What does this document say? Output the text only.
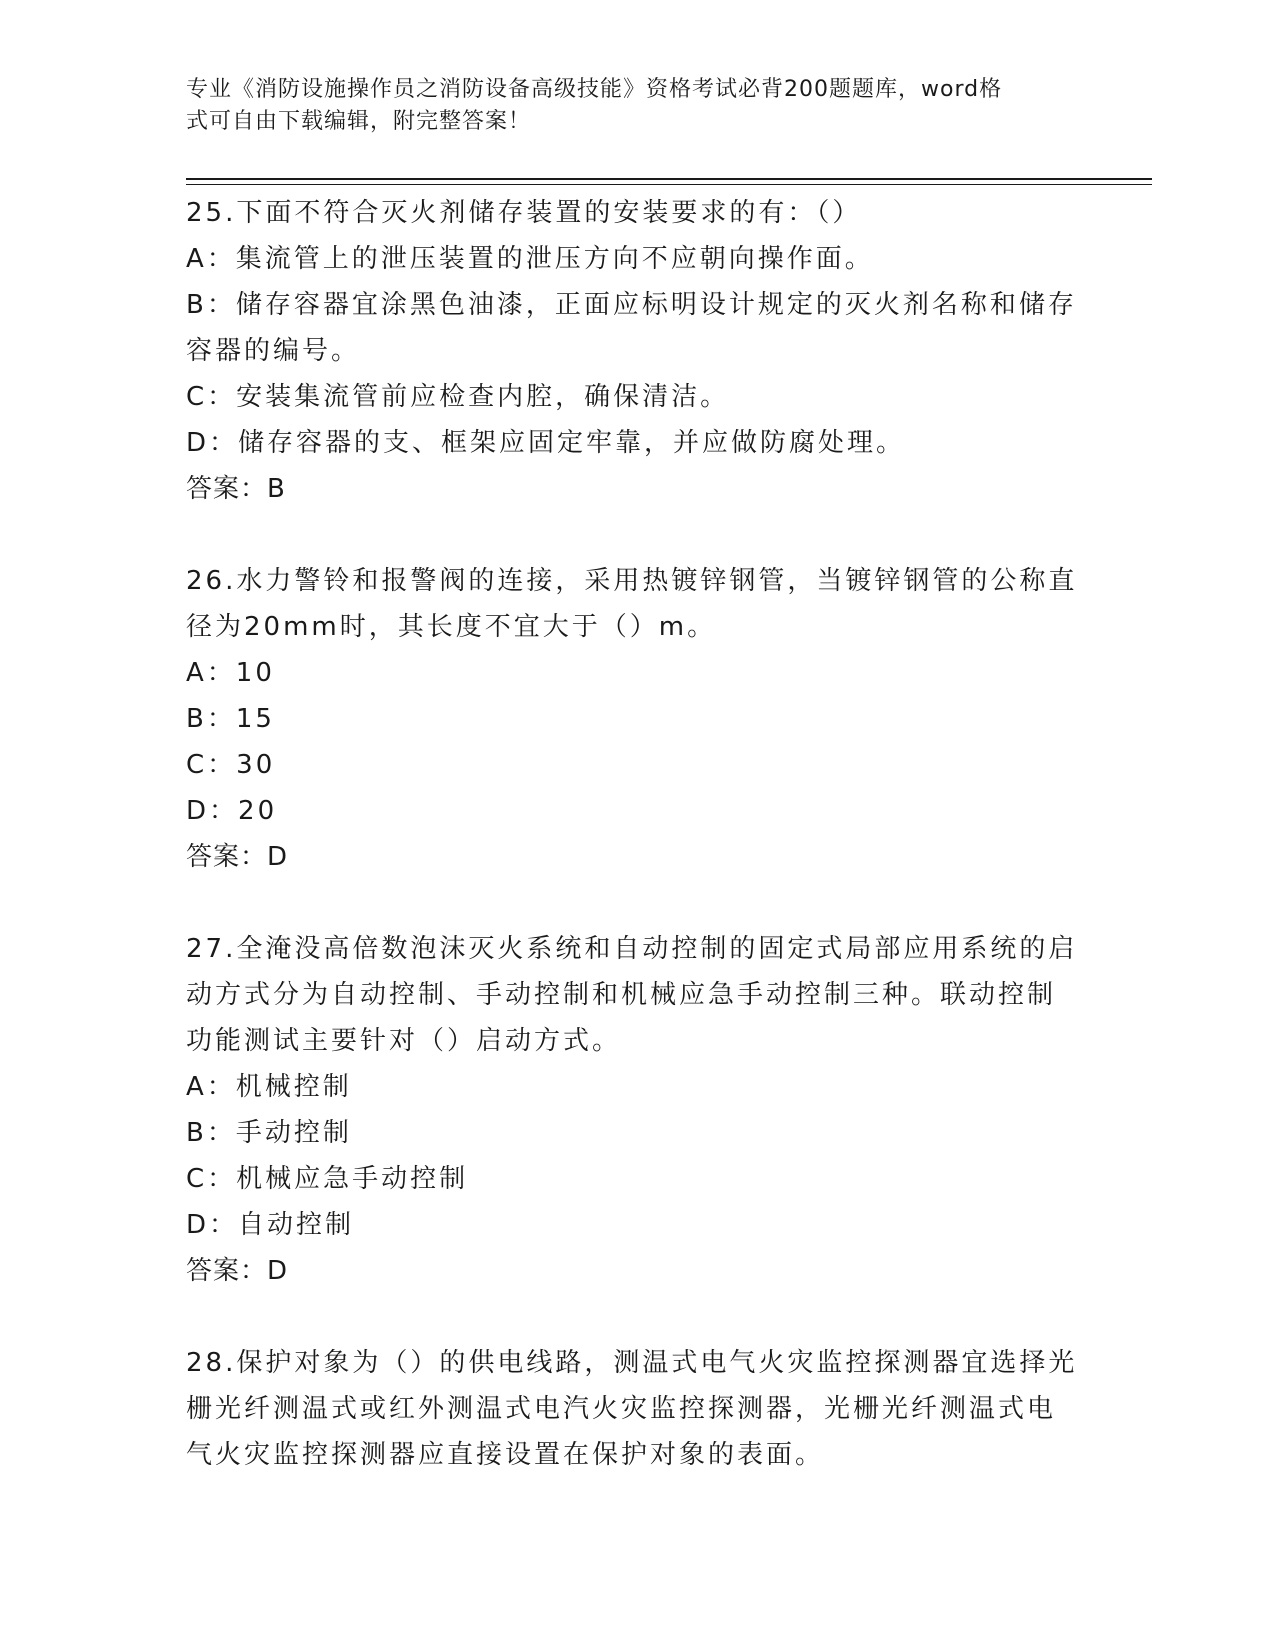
专业《消防设施操作员之消防设备高级技能》资格考试必背200题题库，word格
式可自由下载编辑，附完整答案！
25.下面不符合灭火剂储存装置的安装要求的有：（）
A：集流管上的泄压装置的泄压方向不应朝向操作面。
B：储存容器宜涂黑色油漆，正面应标明设计规定的灭火剂名称和储存
容器的编号。
C：安装集流管前应检查内腔，确保清洁。
D：储存容器的支、框架应固定牢靠，并应做防腐处理。
答案：B
26.水力警铃和报警阀的连接，采用热镀锌钢管，当镀锌钢管的公称直
径为20mm时，其长度不宜大于（）m。
A：10
B：15
C：30
D：20
答案：D
27.全淹没高倍数泡沫灭火系统和自动控制的固定式局部应用系统的启
动方式分为自动控制、手动控制和机械应急手动控制三种。联动控制
功能测试主要针对（）启动方式。
A：机械控制
B：手动控制
C：机械应急手动控制
D：自动控制
答案：D
28.保护对象为（）的供电线路，测温式电气火灾监控探测器宜选择光
栅光纤测温式或红外测温式电汽火灾监控探测器，光栅光纤测温式电
气火灾监控探测器应直接设置在保护对象的表面。
